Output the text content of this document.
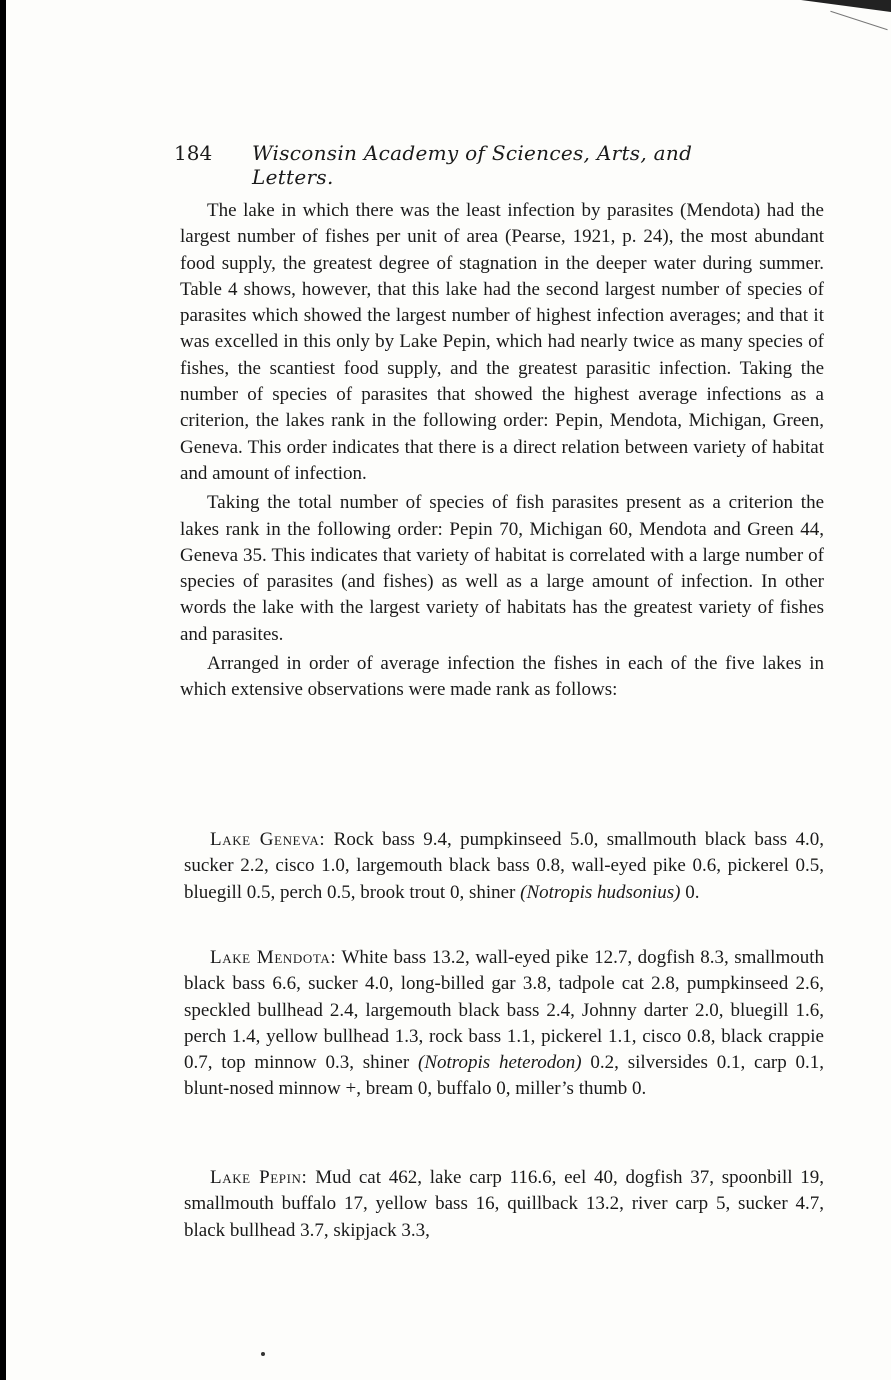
184 Wisconsin Academy of Sciences, Arts, and Letters.

The lake in which there was the least infection by parasites (Mendota) had the largest number of fishes per unit of area (Pearse, 1921, p. 24), the most abundant food supply, the greatest degree of stagnation in the deeper water during summer. Table 4 shows, however, that this lake had the second largest number of species of parasites which showed the largest number of highest infection averages; and that it was excelled in this only by Lake Pepin, which had nearly twice as many species of fishes, the scantiest food supply, and the greatest parasitic infection. Taking the number of species of parasites that showed the highest average infections as a criterion, the lakes rank in the following order: Pepin, Mendota, Michigan, Green, Geneva. This order indicates that there is a direct relation between variety of habitat and amount of infection.

Taking the total number of species of fish parasites present as a criterion the lakes rank in the following order: Pepin 70, Michigan 60, Mendota and Green 44, Geneva 35. This indicates that variety of habitat is correlated with a large number of species of parasites (and fishes) as well as a large amount of infection. In other words the lake with the largest variety of habitats has the greatest variety of fishes and parasites.

Arranged in order of average infection the fishes in each of the five lakes in which extensive observations were made rank as follows:

Lake Geneva: Rock bass 9.4, pumpkinseed 5.0, smallmouth black bass 4.0, sucker 2.2, cisco 1.0, largemouth black bass 0.8, wall-eyed pike 0.6, pickerel 0.5, bluegill 0.5, perch 0.5, brook trout 0, shiner (Notropis hudsonius) 0.
Lake Mendota: White bass 13.2, wall-eyed pike 12.7, dogfish 8.3, smallmouth black bass 6.6, sucker 4.0, long-billed gar 3.8, tadpole cat 2.8, pumpkinseed 2.6, speckled bullhead 2.4, largemouth black bass 2.4, Johnny darter 2.0, bluegill 1.6, perch 1.4, yellow bullhead 1.3, rock bass 1.1, pickerel 1.1, cisco 0.8, black crappie 0.7, top minnow 0.3, shiner (Notropis heterodon) 0.2, silversides 0.1, carp 0.1, blunt-nosed minnow +, bream 0, buffalo 0, miller’s thumb 0.
Lake Pepin: Mud cat 462, lake carp 116.6, eel 40, dogfish 37, spoonbill 19, smallmouth buffalo 17, yellow bass 16, quillback 13.2, river carp 5, sucker 4.7, black bullhead 3.7, skipjack 3.3,
